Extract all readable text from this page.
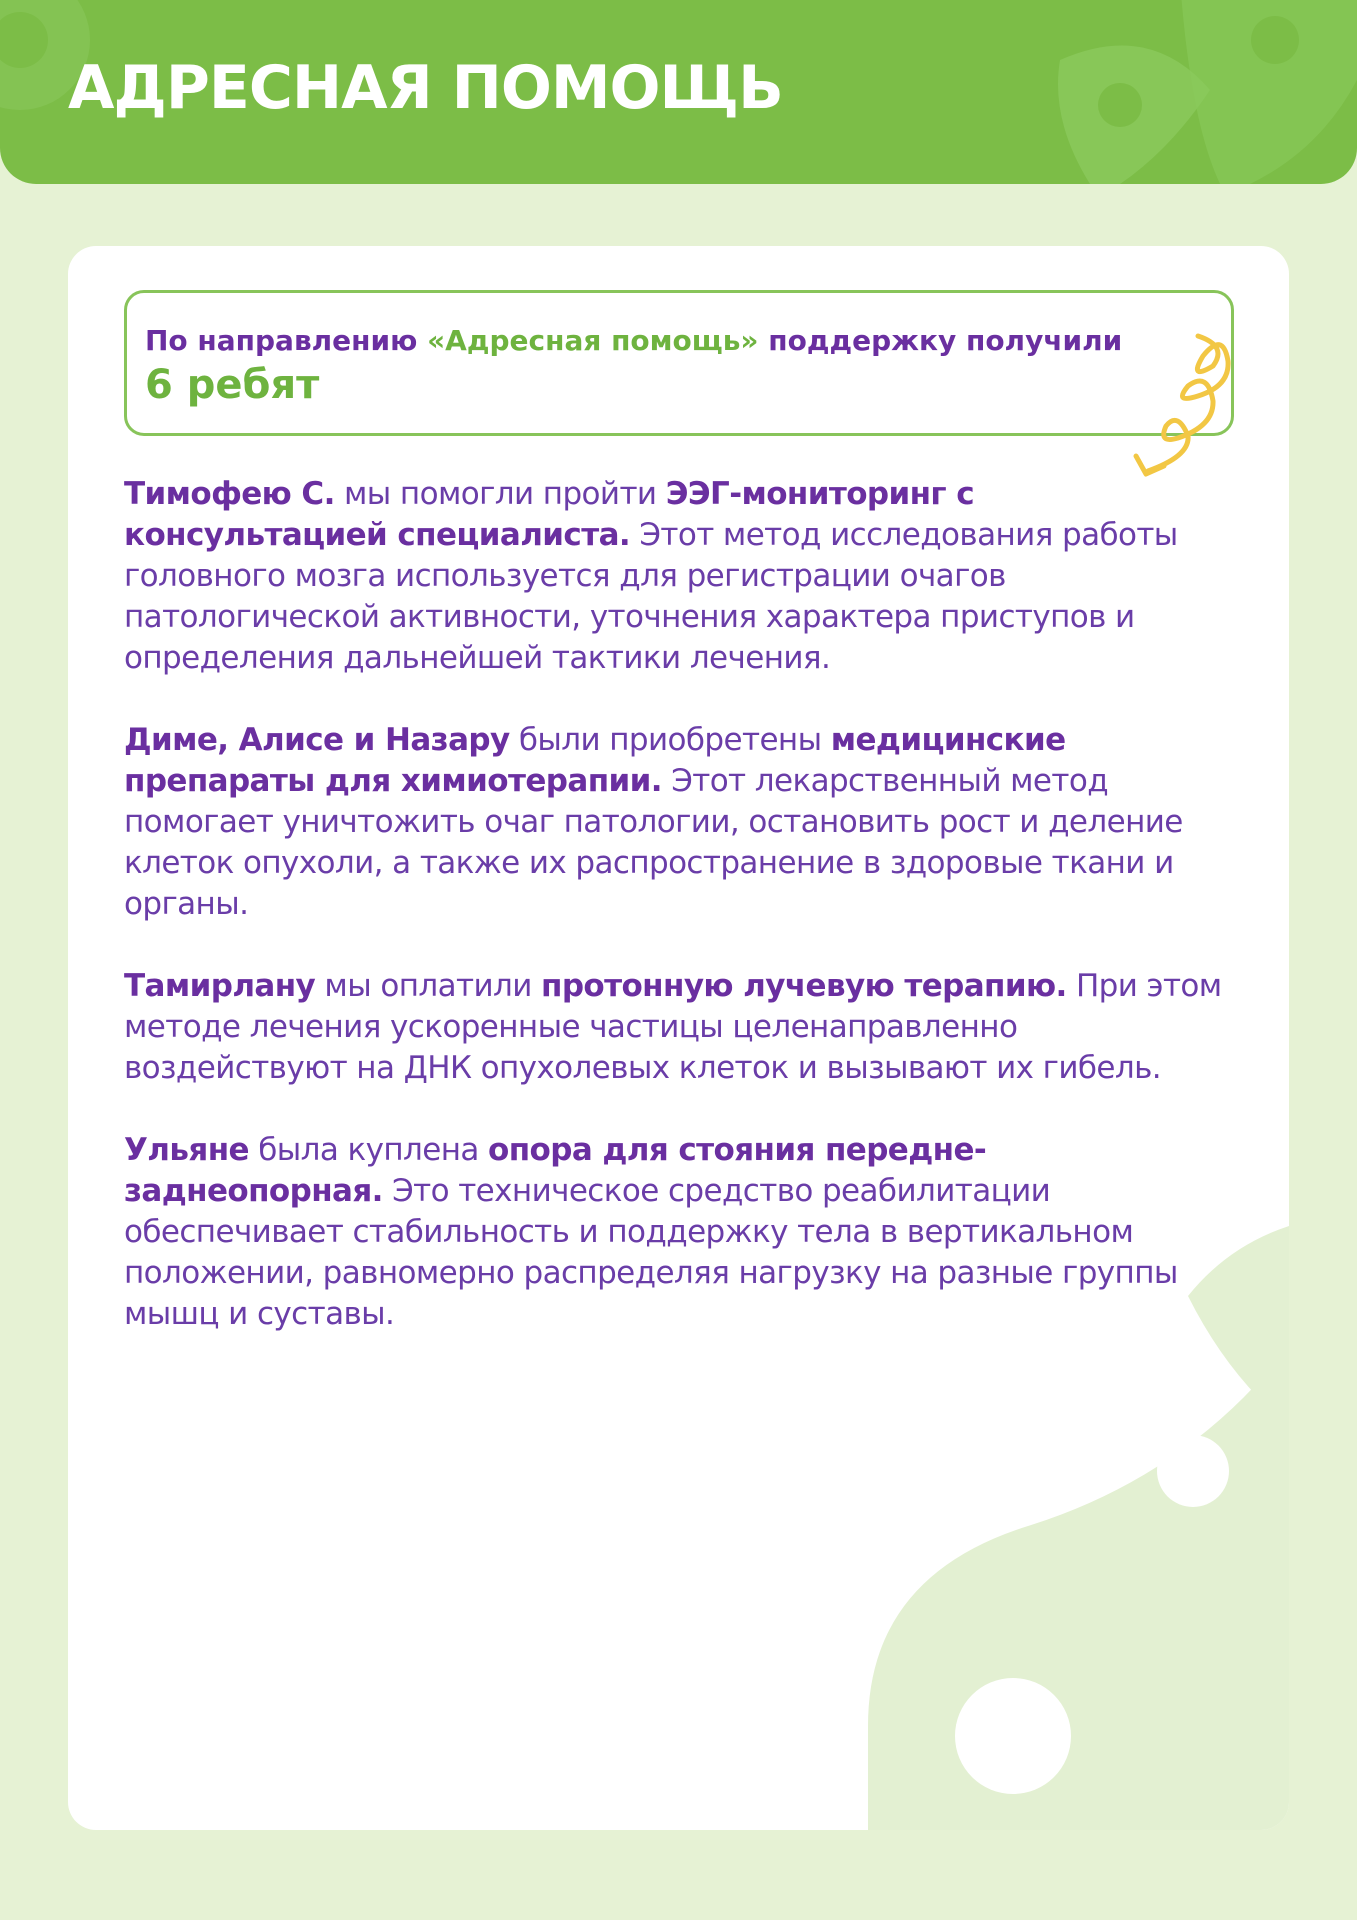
АДРЕСНАЯ ПОМОЩЬ
По направлению «Адресная помощь» поддержку получили
6 ребят

Тимофею С. мы помогли пройти ЭЭГ-мониторинг с консультацией специалиста. Этот метод исследования работы головного мозга используется для регистрации очагов патологической активности, уточнения характера приступов и определения дальнейшей тактики лечения.

Диме, Алисе и Назару были приобретены медицинские препараты для химиотерапии. Этот лекарственный метод помогает уничтожить очаг патологии, остановить рост и деление клеток опухоли, а также их распространение в здоровые ткани и органы.

Тамирлану мы оплатили протонную лучевую терапию. При этом методе лечения ускоренные частицы целенаправленно воздействуют на ДНК опухолевых клеток и вызывают их гибель.

Ульяне была куплена опора для стояния передне-заднеопорная. Это техническое средство реабилитации обеспечивает стабильность и поддержку тела в вертикальном положении, равномерно распределяя нагрузку на разные группы мышц и суставы.
